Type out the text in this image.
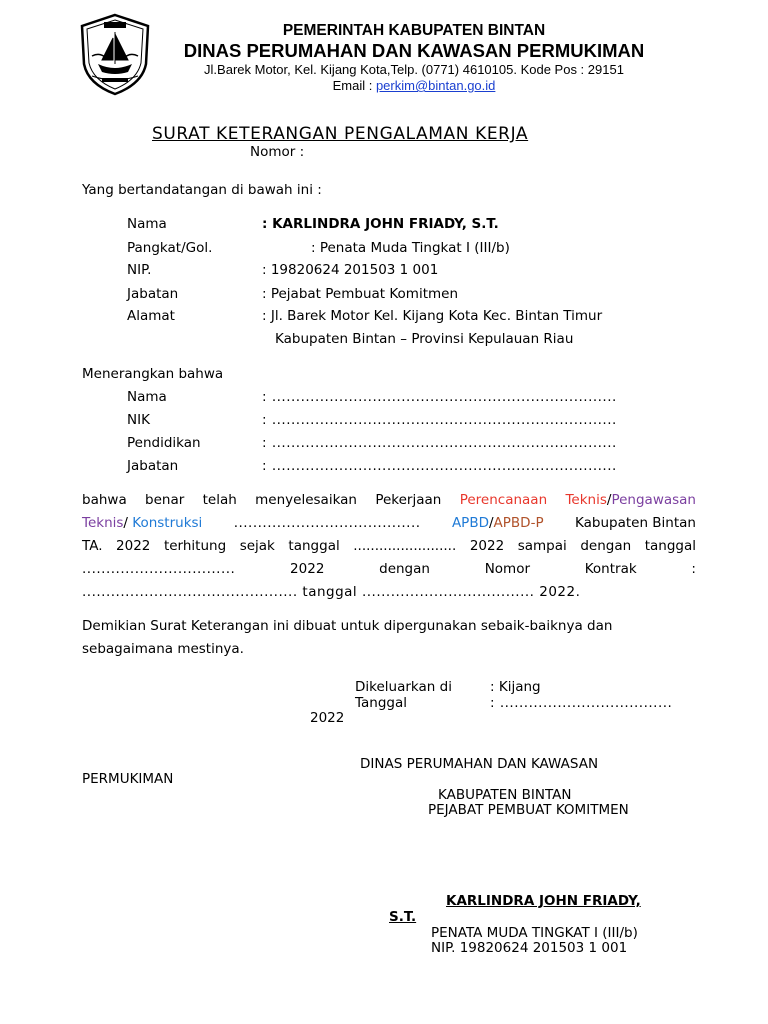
PEMERINTAH KABUPATEN BINTAN
DINAS PERUMAHAN DAN KAWASAN PERMUKIMAN
Jl.Barek Motor, Kel. Kijang Kota,Telp. (0771) 4610105. Kode Pos : 29151
Email : perkim@bintan.go.id
SURAT KETERANGAN PENGALAMAN KERJA
Nomor :
Yang bertandatangan di bawah ini :
Nama	: KARLINDRA JOHN FRIADY, S.T.
Pangkat/Gol.	: Penata Muda Tingkat I (III/b)
NIP.	: 19820624 201503 1 001
Jabatan	: Pejabat Pembuat Komitmen
Alamat	: Jl. Barek Motor Kel. Kijang Kota Kec. Bintan Timur
Kabupaten Bintan – Provinsi Kepulauan Riau
Menerangkan bahwa
Nama	: ........................................................................
NIK	: ........................................................................
Pendidikan	: ........................................................................
Jabatan	: ........................................................................
bahwa benar telah menyelesaikan Pekerjaan Perencanaan Teknis/Pengawasan
Teknis/ Konstruksi ....................................... APBD/APBD-P Kabupaten Bintan
TA. 2022 terhitung sejak tanggal ........................ 2022 sampai dengan tanggal
................................	2022	dengan	Nomor	Kontrak	:
............................................. tanggal .................................... 2022.
Demikian Surat Keterangan ini dibuat untuk dipergunakan sebaik-baiknya dan
sebagaimana mestinya.
Dikeluarkan di	: Kijang
Tanggal	: ....................................
2022
DINAS PERUMAHAN DAN KAWASAN
PERMUKIMAN
KABUPATEN BINTAN
PEJABAT PEMBUAT KOMITMEN
KARLINDRA JOHN FRIADY,
S.T.
PENATA MUDA TINGKAT I (III/b)
NIP. 19820624 201503 1 001
